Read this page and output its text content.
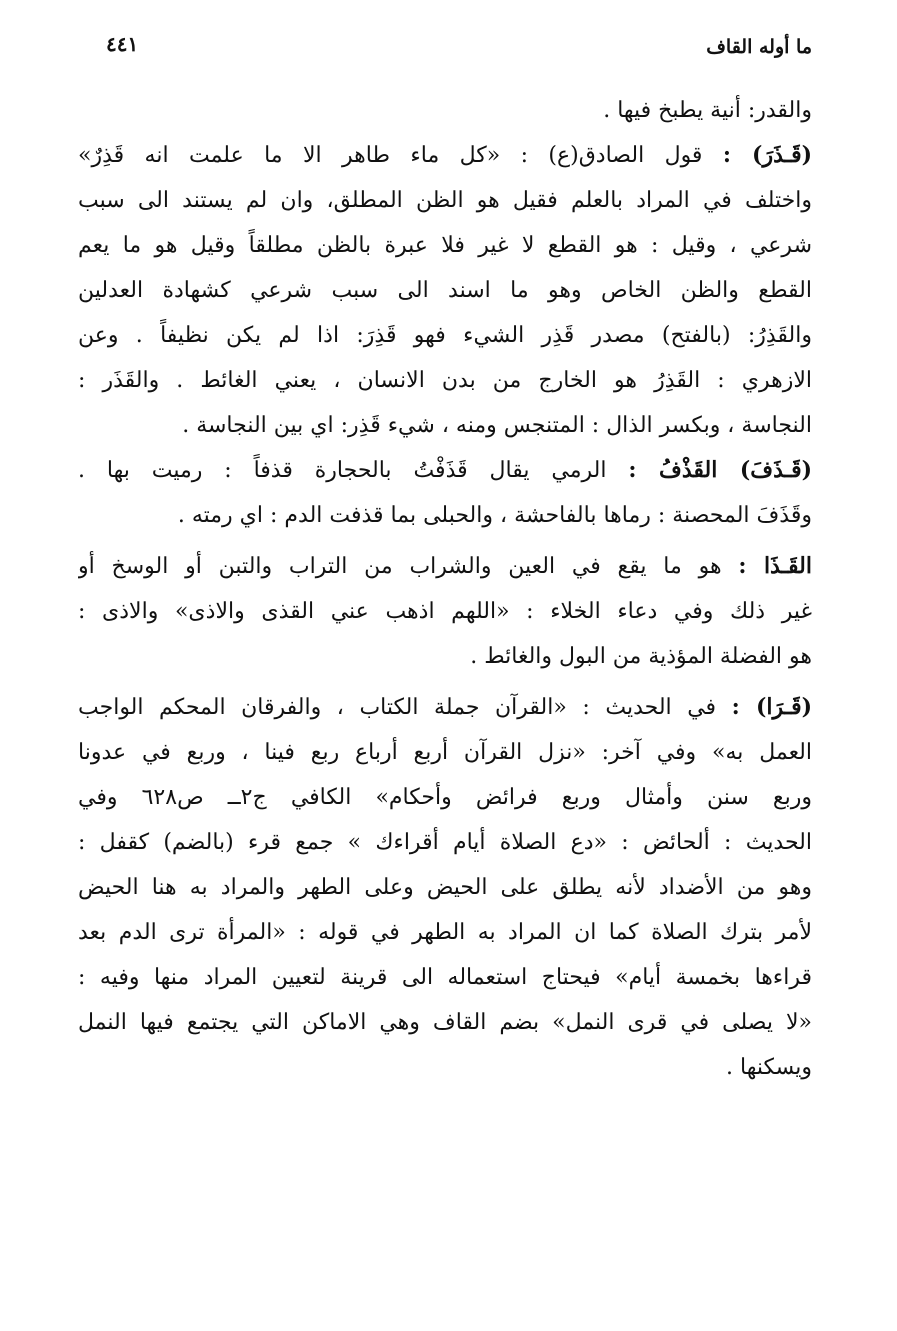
ما أوله القاف
٤٤١
والقدر: أنية يطبخ فيها .
(قَـذَرَ) : قول الصادق(ع) : «كل ماء طاهر الا ما علمت انه قَذِرٌ»
واختلف في المراد بالعلم فقيل هو الظن المطلق، وان لم يستند الى سبب
شرعي ، وقيل : هو القطع لا غير فلا عبرة بالظن مطلقاً وقيل هو ما يعم
القطع والظن الخاص وهو ما اسند الى سبب شرعي كشهادة العدلين
والقَذِرُ: (بالفتح) مصدر قَذِر الشيء فهو قَذِرَ: اذا لم يكن نظيفاً . وعن
الازهري : القَذِرُ هو الخارج من بدن الانسان ، يعني الغائط . والقَذَر :
النجاسة ، وبكسر الذال : المتنجس ومنه ، شيء قَذِر: اي بين النجاسة .
(قَـذَفَ) القَذْفُ : الرمي يقال قَذَفْتُ بالحجارة قذفاً : رميت بها .
وقَذَفَ المحصنة : رماها بالفاحشة ، والحبلى بما قذفت الدم : اي رمته .
القَـذَا : هو ما يقع في العين والشراب من التراب والتبن أو الوسخ أو
غير ذلك وفي دعاء الخلاء : «اللهم اذهب عني القذى والاذى» والاذى :
هو الفضلة المؤذية من البول والغائط .
(قَـرَا) : في الحديث : «القرآن جملة الكتاب ، والفرقان المحكم الواجب
العمل به» وفي آخر: «نزل القرآن أربع أرباع ربع فينا ، وربع في عدونا
وربع سنن وأمثال وربع فرائض وأحكام» الكافي ج٢ــ ص٦٢٨ وفي
الحديث : ألحائض : «دع الصلاة أيام أقراءك » جمع قرء (بالضم) كقفل :
وهو من الأضداد لأنه يطلق على الحيض وعلى الطهر والمراد به هنا الحيض
لأمر بترك الصلاة كما ان المراد به الطهر في قوله : «المرأة ترى الدم بعد
قراءها بخمسة أيام» فيحتاج استعماله الى قرينة لتعيين المراد منها وفيه :
«لا يصلى في قرى النمل» بضم القاف وهي الاماكن التي يجتمع فيها النمل
ويسكنها .
